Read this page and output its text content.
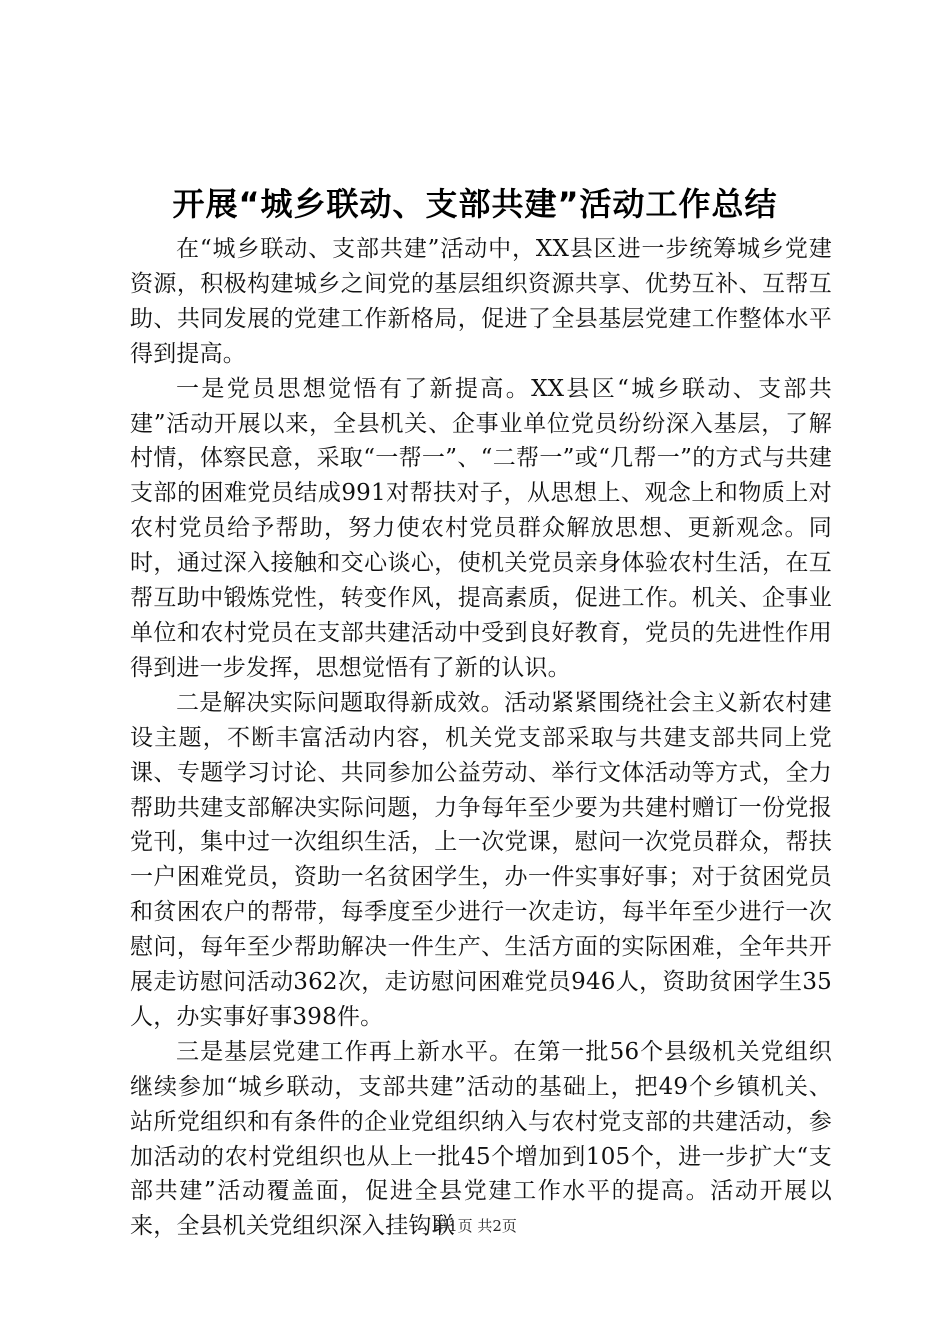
开展“城乡联动、支部共建”活动工作总结

在“城乡联动、支部共建”活动中，XX县区进一步统筹城乡党建资源，积极构建城乡之间党的基层组织资源共享、优势互补、互帮互助、共同发展的党建工作新格局，促进了全县基层党建工作整体水平得到提高。

一是党员思想觉悟有了新提高。XX县区“城乡联动、支部共建”活动开展以来，全县机关、企事业单位党员纷纷深入基层，了解村情，体察民意，采取“一帮一”、“二帮一”或“几帮一”的方式与共建支部的困难党员结成991对帮扶对子，从思想上、观念上和物质上对农村党员给予帮助，努力使农村党员群众解放思想、更新观念。同时，通过深入接触和交心谈心，使机关党员亲身体验农村生活，在互帮互助中锻炼党性，转变作风，提高素质，促进工作。机关、企事业单位和农村党员在支部共建活动中受到良好教育，党员的先进性作用得到进一步发挥，思想觉悟有了新的认识。

二是解决实际问题取得新成效。活动紧紧围绕社会主义新农村建设主题，不断丰富活动内容，机关党支部采取与共建支部共同上党课、专题学习讨论、共同参加公益劳动、举行文体活动等方式，全力帮助共建支部解决实际问题，力争每年至少要为共建村赠订一份党报党刊，集中过一次组织生活，上一次党课，慰问一次党员群众，帮扶一户困难党员，资助一名贫困学生，办一件实事好事；对于贫困党员和贫困农户的帮带，每季度至少进行一次走访，每半年至少进行一次慰问，每年至少帮助解决一件生产、生活方面的实际困难，全年共开展走访慰问活动362次，走访慰问困难党员946人，资助贫困学生35人，办实事好事398件。

三是基层党建工作再上新水平。在第一批56个县级机关党组织继续参加“城乡联动，支部共建”活动的基础上，把49个乡镇机关、站所党组织和有条件的企业党组织纳入与农村党支部的共建活动，参加活动的农村党组织也从上一批45个增加到105个，进一步扩大“支部共建”活动覆盖面，促进全县党建工作水平的提高。活动开展以来，全县机关党组织深入挂钩联

第1页 共2页
